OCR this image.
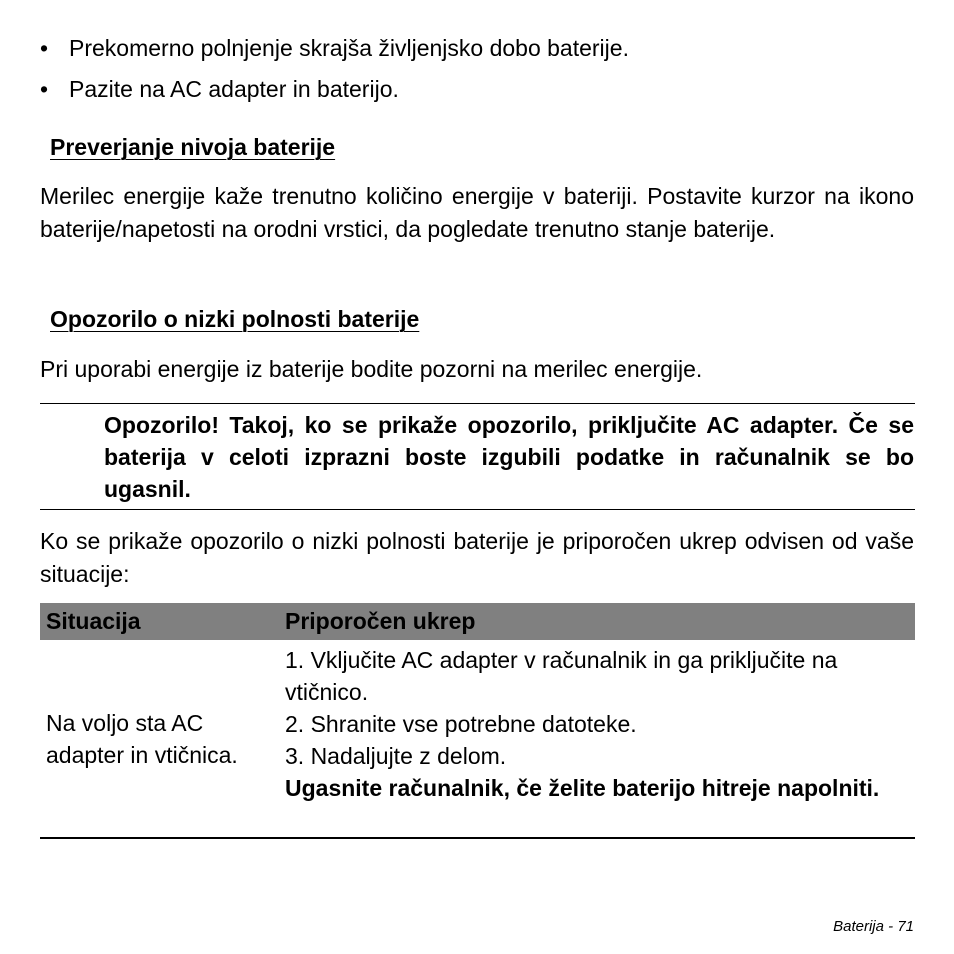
• Prekomerno polnjenje skrajša življenjsko dobo baterije.
• Pazite na AC adapter in baterijo.
Preverjanje nivoja baterije

Merilec energije kaže trenutno količino energije v bateriji. Postavite kurzor na ikono baterije/napetosti na orodni vrstici, da pogledate trenutno stanje baterije.

Opozorilo o nizki polnosti baterije

Pri uporabi energije iz baterije bodite pozorni na merilec energije.

Opozorilo! Takoj, ko se prikaže opozorilo, priključite AC adapter. Če se baterija v celoti izprazni boste izgubili podatke in računalnik se bo ugasnil.

Ko se prikaže opozorilo o nizki polnosti baterije je priporočen ukrep odvisen od vaše situacije:

Situacija	Priporočen ukrep
Na voljo sta AC adapter in vtičnica.
1. Vključite AC adapter v računalnik in ga priključite na vtičnico.
2. Shranite vse potrebne datoteke.
3. Nadaljujte z delom.
Ugasnite računalnik, če želite baterijo hitreje napolniti.
Baterija - 71
